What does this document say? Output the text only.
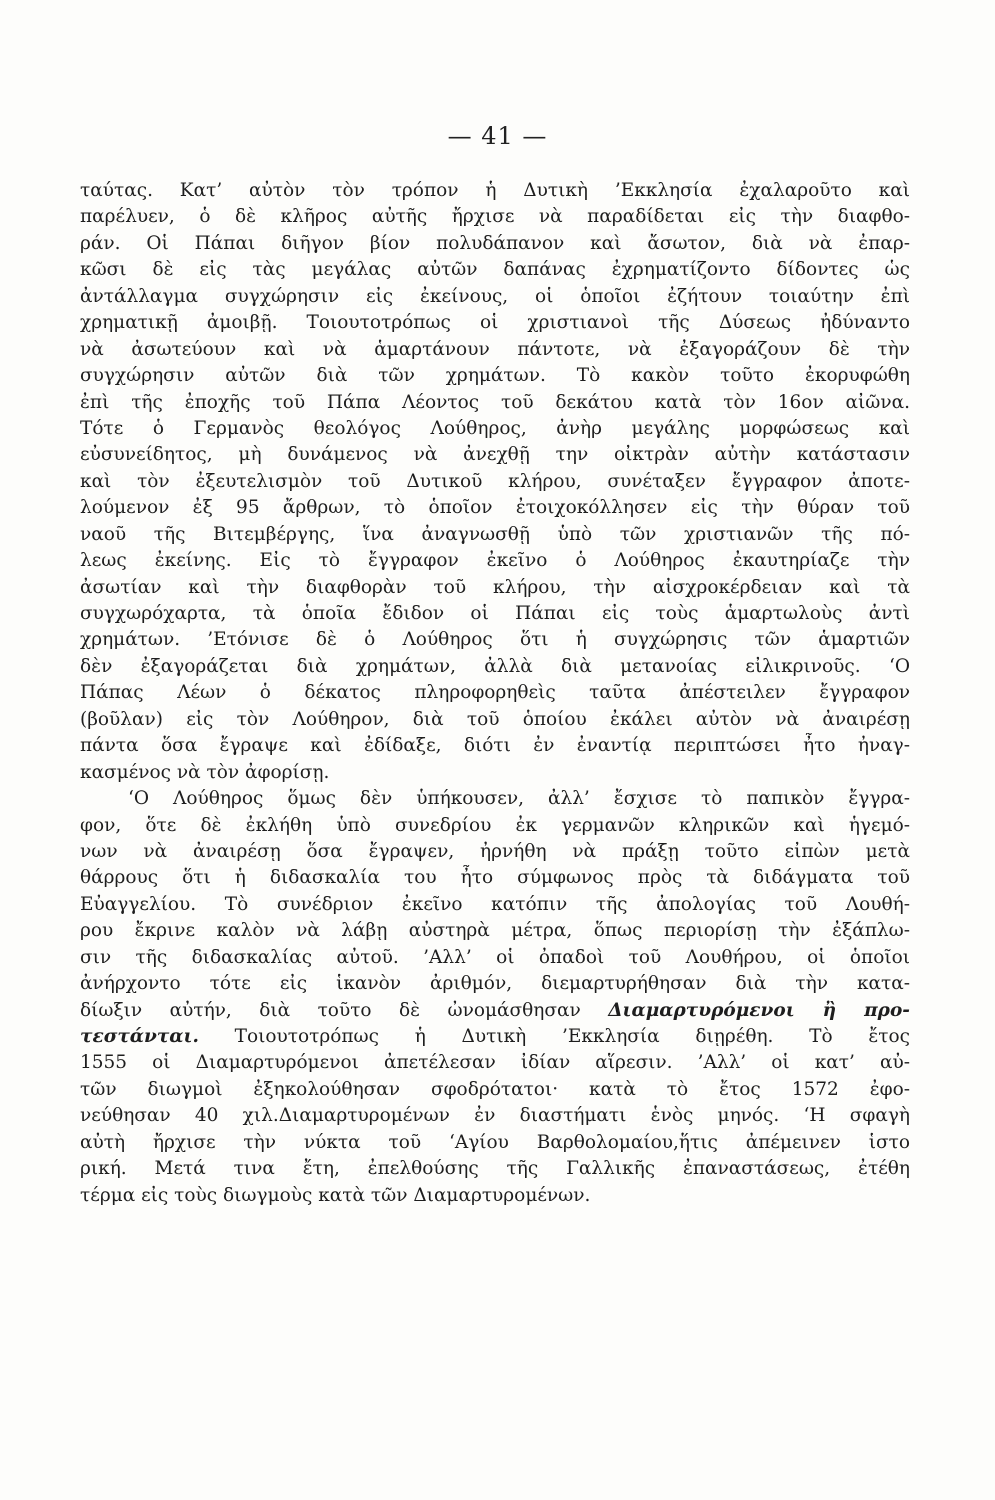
— 41 —
ταύτας. Κατ’ αὐτὸν τὸν τρόπον ἡ Δυτικὴ ’Εκκλησία ἐχαλαροῦτο καὶ
παρέλυεν, ὁ δὲ κλῆρος αὐτῆς ἤρχισε νὰ παραδίδεται εἰς τὴν διαφθο-
ράν. Οἱ Πάπαι διῆγον βίον πολυδάπανον καὶ ἄσωτον, διὰ νὰ ἐπαρ-
κῶσι δὲ εἰς τὰς μεγάλας αὐτῶν δαπάνας ἐχρηματίζοντο δίδοντες ὡς
ἀντάλλαγμα συγχώρησιν εἰς ἐκείνους, οἱ ὁποῖοι ἐζήτουν τοιαύτην ἐπὶ
χρηματικῇ ἀμοιβῇ. Τοιουτοτρόπως οἱ χριστιανοὶ τῆς Δύσεως ἠδύναντο
νὰ ἀσωτεύουν καὶ νὰ ἁμαρτάνουν πάντοτε, νὰ ἐξαγοράζουν δὲ τὴν
συγχώρησιν αὐτῶν διὰ τῶν χρημάτων. Τὸ κακὸν τοῦτο ἐκορυφώθη
ἐπὶ τῆς ἐποχῆς τοῦ Πάπα Λέοντος τοῦ δεκάτου κατὰ τὸν 16ον αἰῶνα.
Τότε ὁ Γερμανὸς θεολόγος Λούθηρος, ἀνὴρ μεγάλης μορφώσεως καὶ
εὐσυνείδητος, μὴ δυνάμενος νὰ ἀνεχθῇ την οἰκτρὰν αὐτὴν κατάστασιν
καὶ τὸν ἐξευτελισμὸν τοῦ Δυτικοῦ κλήρου, συνέταξεν ἔγγραφον ἀποτε-
λούμενον ἐξ 95 ἄρθρων, τὸ ὁποῖον ἐτοιχοκόλλησεν εἰς τὴν θύραν τοῦ
ναοῦ τῆς Βιτεμβέργης, ἵνα ἀναγνωσθῇ ὑπὸ τῶν χριστιανῶν τῆς πό-
λεως ἐκείνης. Εἰς τὸ ἔγγραφον ἐκεῖνο ὁ Λούθηρος ἐκαυτηρίαζε τὴν
ἀσωτίαν καὶ τὴν διαφθορὰν τοῦ κλήρου, τὴν αἰσχροκέρδειαν καὶ τὰ
συγχωρόχαρτα, τὰ ὁποῖα ἔδιδον οἱ Πάπαι εἰς τοὺς ἁμαρτωλοὺς ἀντὶ
χρημάτων. ’Ετόνισε δὲ ὁ Λούθηρος ὅτι ἡ συγχώρησις τῶν ἁμαρτιῶν
δὲν ἐξαγοράζεται διὰ χρημάτων, ἀλλὰ διὰ μετανοίας εἰλικρινοῦς. ‘Ο
Πάπας Λέων ὁ δέκατος πληροφορηθεὶς ταῦτα ἀπέστειλεν ἔγγραφον
(βοῦλαν) εἰς τὸν Λούθηρον, διὰ τοῦ ὁποίου ἐκάλει αὐτὸν νὰ ἀναιρέσῃ
πάντα ὅσα ἔγραψε καὶ ἐδίδαξε, διότι ἐν ἐναντίᾳ περιπτώσει ἦτο ἠναγ-
κασμένος νὰ τὸν ἀφορίσῃ.
‘Ο Λούθηρος ὅμως δὲν ὑπήκουσεν, ἀλλ’ ἔσχισε τὸ παπικὸν ἔγγρα-
φον, ὅτε δὲ ἐκλήθη ὑπὸ συνεδρίου ἐκ γερμανῶν κληρικῶν καὶ ἡγεμό-
νων νὰ ἀναιρέσῃ ὅσα ἔγραψεν, ἠρνήθη νὰ πράξῃ τοῦτο εἰπὼν μετὰ
θάρρους ὅτι ἡ διδασκαλία του ἦτο σύμφωνος πρὸς τὰ διδάγματα τοῦ
Εὐαγγελίου. Τὸ συνέδριον ἐκεῖνο κατόπιν τῆς ἀπολογίας τοῦ Λουθή-
ρου ἔκρινε καλὸν νὰ λάβῃ αὐστηρὰ μέτρα, ὅπως περιορίσῃ τὴν ἐξάπλω-
σιν τῆς διδασκαλίας αὐτοῦ. ’Αλλ’ οἱ ὀπαδοὶ τοῦ Λουθήρου, οἱ ὁποῖοι
ἀνήρχοντο τότε εἰς ἱκανὸν ἀριθμόν, διεμαρτυρήθησαν διὰ τὴν κατα-
δίωξιν αὐτήν, διὰ τοῦτο δὲ ὠνομάσθησαν Διαμαρτυρόμενοι ἢ προ-
τεστάνται. Τοιουτοτρόπως ἡ Δυτικὴ ’Εκκλησία διῃρέθη. Τὸ ἔτος
1555 οἱ Διαμαρτυρόμενοι ἀπετέλεσαν ἰδίαν αἵρεσιν. ’Αλλ’ οἱ κατ’ αὐ-
τῶν διωγμοὶ ἐξηκολούθησαν σφοδρότατοι· κατὰ τὸ ἔτος 1572 ἐφο-
νεύθησαν 40 χιλ.Διαμαρτυρομένων ἐν διαστήματι ἑνὸς μηνός. ‘Η σφαγὴ
αὐτὴ ἤρχισε τὴν νύκτα τοῦ ‘Αγίου Βαρθολομαίου,ἥτις ἀπέμεινεν ἱστο
ρική. Μετά τινα ἔτη, ἐπελθούσης τῆς Γαλλικῆς ἐπαναστάσεως, ἐτέθη
τέρμα εἰς τοὺς διωγμοὺς κατὰ τῶν Διαμαρτυρομένων.
